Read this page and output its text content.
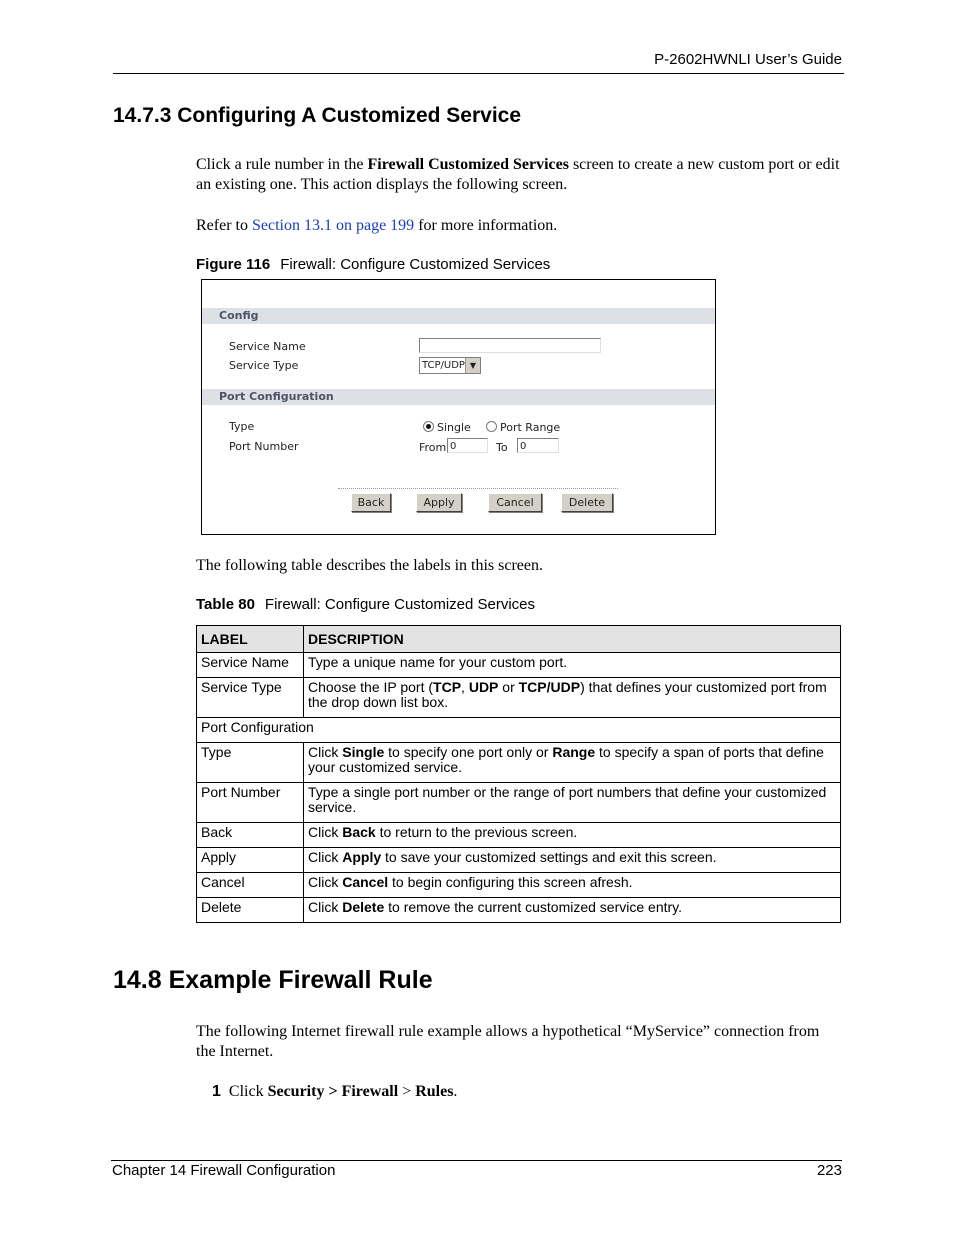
P-2602HWNLI User’s Guide
14.7.3 Configuring A Customized Service

Click a rule number in the Firewall Customized Services screen to create a new custom port or edit an existing one. This action displays the following screen.

Refer to Section 13.1 on page 199 for more information.

Figure 116 Firewall: Configure Customized Services
Config
Service Name
Service Type	TCP/UDP ▼
Port Configuration
Type	Single	Port Range
Port Number	From 0	To	0
Back	Apply	Cancel	Delete

The following table describes the labels in this screen.

Table 80 Firewall: Configure Customized Services
LABEL	DESCRIPTION
Service Name	Type a unique name for your custom port.
Service Type	Choose the IP port (TCP, UDP or TCP/UDP) that defines your customized port from the drop down list box.
Port Configuration	
Type	Click Single to specify one port only or Range to specify a span of ports that define your customized service.
Port Number	Type a single port number or the range of port numbers that define your customized service.
Back	Click Back to return to the previous screen.
Apply	Click Apply to save your customized settings and exit this screen.
Cancel	Click Cancel to begin configuring this screen afresh.
Delete	Click Delete to remove the current customized service entry.
14.8 Example Firewall Rule

The following Internet firewall rule example allows a hypothetical “MyService” connection from the Internet.

1 Click Security > Firewall > Rules.
Chapter 14 Firewall Configuration	223
